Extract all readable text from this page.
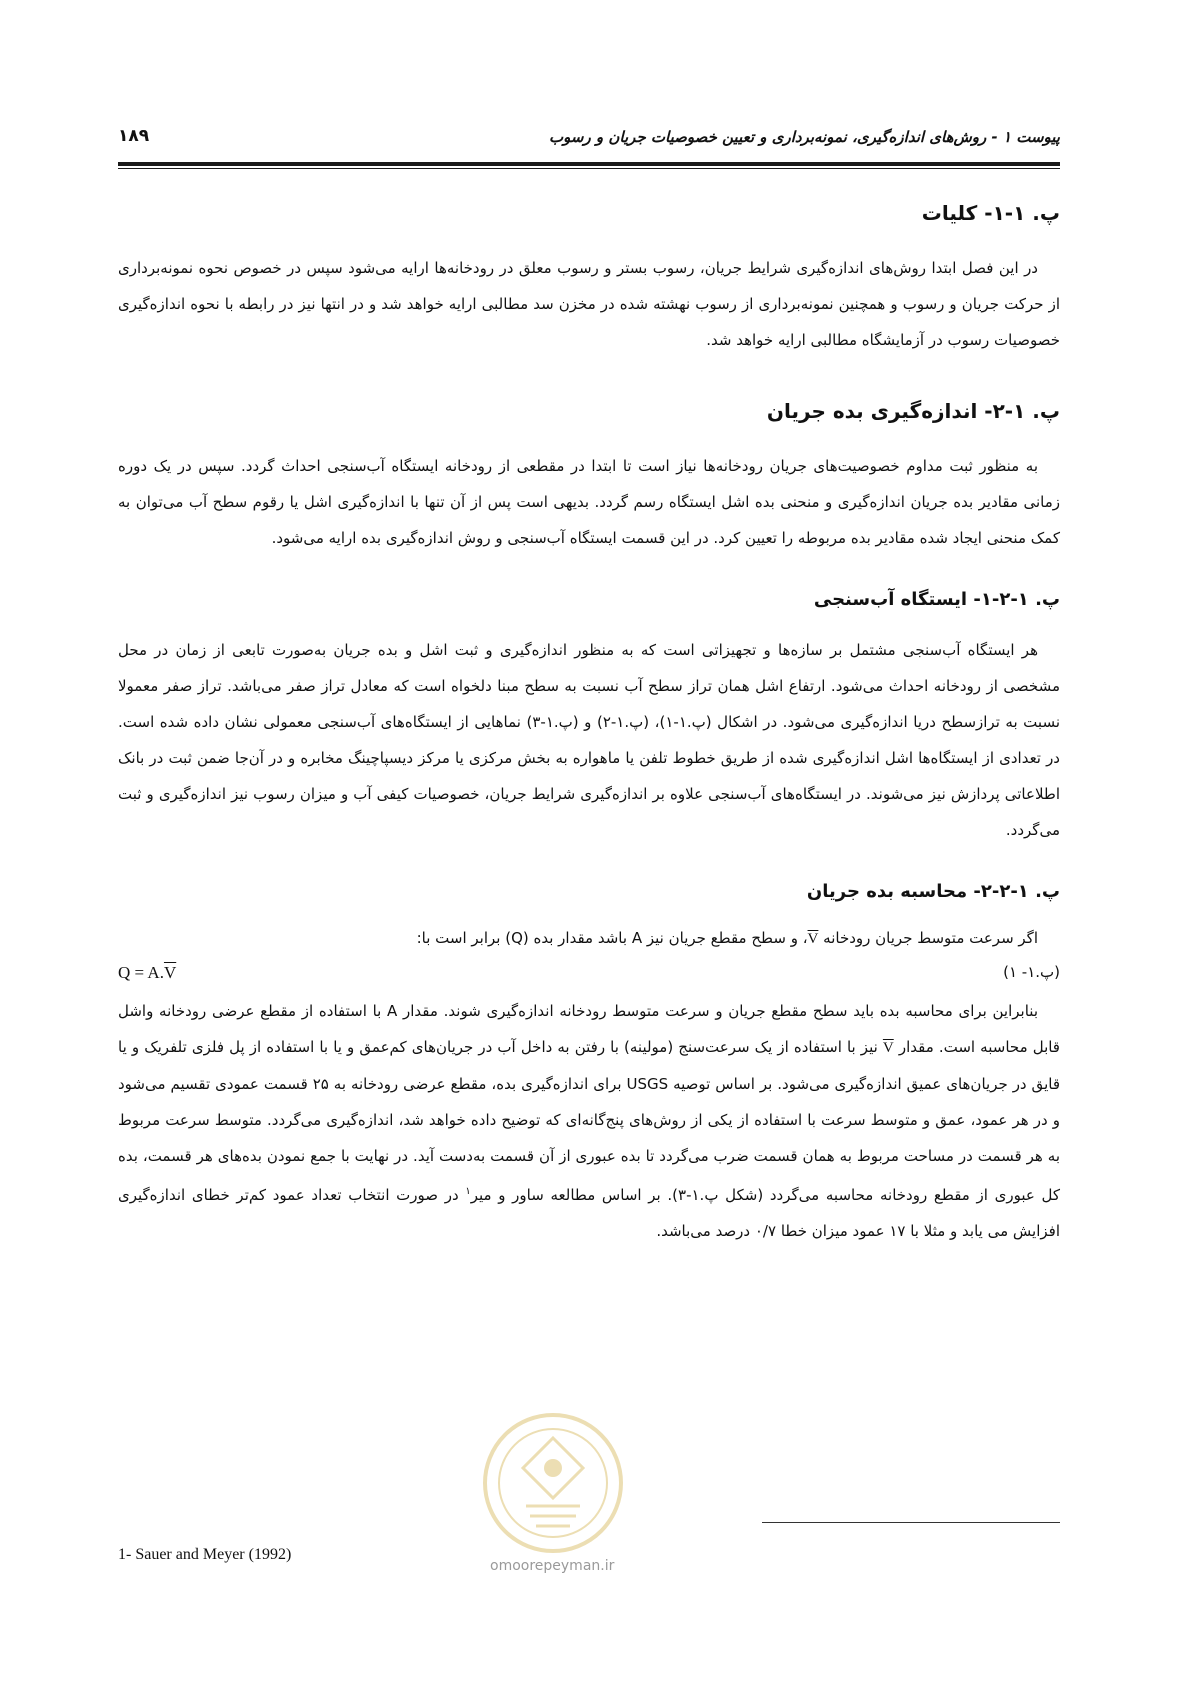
پیوست ۱ - روش‌های اندازه‌گیری، نمونه‌برداری و تعیین خصوصیات جریان و رسوب
۱۸۹
پ. ۱-۱- کلیات

در این فصل ابتدا روش‌های اندازه‌گیری شرایط جریان، رسوب بستر و رسوب معلق در رودخانه‌ها ارایه می‌شود سپس در خصوص نحوه نمونه‌برداری از حرکت جریان و رسوب و همچنین نمونه‌برداری از رسوب نهشته شده در مخزن سد مطالبی ارایه خواهد شد و در انتها نیز در رابطه با نحوه اندازه‌گیری خصوصیات رسوب در آزمایشگاه مطالبی ارایه خواهد شد.

پ. ۱-۲- اندازه‌گیری بده جریان

به منظور ثبت مداوم خصوصیت‌های جریان رودخانه‌ها نیاز است تا ابتدا در مقطعی از رودخانه ایستگاه آب‌سنجی احداث گردد. سپس در یک دوره زمانی مقادیر بده جریان اندازه‌گیری و منحنی بده اشل ایستگاه رسم گردد. بدیهی است پس از آن تنها با اندازه‌گیری اشل یا رقوم سطح آب می‌توان به کمک منحنی ایجاد شده مقادیر بده مربوطه را تعیین کرد. در این قسمت ایستگاه آب‌سنجی و روش اندازه‌گیری بده ارایه می‌شود.

پ. ۱-۲-۱- ایستگاه آب‌سنجی

هر ایستگاه آب‌سنجی مشتمل بر سازه‌ها و تجهیزاتی است که به منظور اندازه‌گیری و ثبت اشل و بده جریان به‌صورت تابعی از زمان در محل مشخصی از رودخانه احداث می‌شود. ارتفاع اشل همان تراز سطح آب نسبت به سطح مبنا دلخواه است که معادل تراز صفر می‌باشد. تراز صفر معمولا نسبت به ترازسطح دریا اندازه‌گیری می‌شود. در اشکال (پ.۱-۱)، (پ.۱-۲) و (پ.۱-۳) نماهایی از ایستگاه‌های آب‌سنجی معمولی نشان داده شده است. در تعدادی از ایستگاه‌ها اشل اندازه‌گیری شده از طریق خطوط تلفن یا ماهواره به بخش مرکزی یا مرکز دیسپاچینگ مخابره و در آن‌جا ضمن ثبت در بانک اطلاعاتی پردازش نیز می‌شوند. در ایستگاه‌های آب‌سنجی علاوه بر اندازه‌گیری شرایط جریان، خصوصیات کیفی آب و میزان رسوب نیز اندازه‌گیری و ثبت می‌گردد.

پ. ۱-۲-۲- محاسبه بده جریان

اگر سرعت متوسط جریان رودخانه V، و سطح مقطع جریان نیز A باشد مقدار بده (Q) برابر است با:

$Q = A.\overline{V}$	(پ.۱- ۱)

بنابراین برای محاسبه بده باید سطح مقطع جریان و سرعت متوسط رودخانه اندازه‌گیری شوند. مقدار A با استفاده از مقطع عرضی رودخانه واشل قابل محاسبه است. مقدار V نیز با استفاده از یک سرعت‌سنج (مولینه) با رفتن به داخل آب در جریان‌های کم‌عمق و یا با استفاده از پل فلزی تلفریک و یا قایق در جریان‌های عمیق اندازه‌گیری می‌شود. بر اساس توصیه USGS برای اندازه‌گیری بده، مقطع عرضی رودخانه به ۲۵ قسمت عمودی تقسیم می‌شود و در هر عمود، عمق و متوسط سرعت با استفاده از یکی از روش‌های پنج‌گانه‌ای که توضیح داده خواهد شد، اندازه‌گیری می‌گردد. متوسط سرعت مربوط به هر قسمت در مساحت مربوط به همان قسمت ضرب می‌گردد تا بده عبوری از آن قسمت به‌دست آید. در نهایت با جمع نمودن بده‌های هر قسمت، بده کل عبوری از مقطع رودخانه محاسبه می‌گردد (شکل پ.۱-۳). بر اساس مطالعه ساور و میر$^۱$ در صورت انتخاب تعداد عمود کم‌تر خطای اندازه‌گیری افزایش می یابد و مثلا با ۱۷ عمود میزان خطا ۰/۷ درصد می‌باشد.

omoorepeyman.ir
1- Sauer and Meyer (1992)
